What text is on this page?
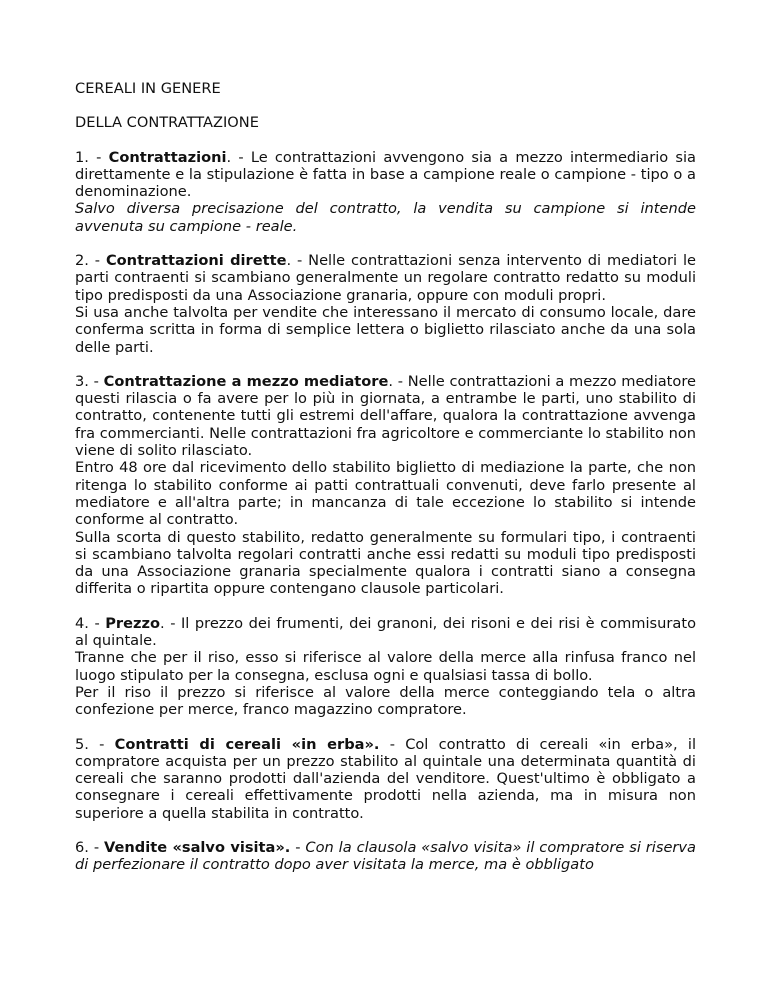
CEREALI IN GENERE

DELLA CONTRATTAZIONE

1. - Contrattazioni. - Le contrattazioni avvengono sia a mezzo intermediario sia direttamente e la stipulazione è fatta in base a campione reale o campione - tipo o a denominazione.
Salvo diversa precisazione del contratto, la vendita su campione si intende avvenuta su campione - reale.
2. - Contrattazioni dirette. - Nelle contrattazioni senza intervento di mediatori le parti contraenti si scambiano generalmente un regolare contratto redatto su moduli tipo predisposti da una Associazione granaria, oppure con moduli propri.
Si usa anche talvolta per vendite che interessano il mercato di consumo locale, dare conferma scritta in forma di semplice lettera o biglietto rilasciato anche da una sola delle parti.
3. - Contrattazione a mezzo mediatore. - Nelle contrattazioni a mezzo mediatore questi rilascia o fa avere per lo più in giornata, a entrambe le parti, uno stabilito di contratto, contenente tutti gli estremi dell'affare, qualora la contrattazione avvenga fra commercianti. Nelle contrattazioni fra agricoltore e commerciante lo stabilito non viene di solito rilasciato.
Entro 48 ore dal ricevimento dello stabilito biglietto di mediazione la parte, che non ritenga lo stabilito conforme ai patti contrattuali convenuti, deve farlo presente al mediatore e all'altra parte; in mancanza di tale eccezione lo stabilito si intende conforme al contratto.
Sulla scorta di questo stabilito, redatto generalmente su formulari tipo, i contraenti si scambiano talvolta regolari contratti anche essi redatti su moduli tipo predisposti da una Associazione granaria specialmente qualora i contratti siano a consegna differita o ripartita oppure contengano clausole particolari.
4. - Prezzo. - Il prezzo dei frumenti, dei granoni, dei risoni e dei risi è commisurato al quintale.
Tranne che per il riso, esso si riferisce al valore della merce alla rinfusa franco nel luogo stipulato per la consegna, esclusa ogni e qualsiasi tassa di bollo.
Per il riso il prezzo si riferisce al valore della merce conteggiando tela o altra confezione per merce, franco magazzino compratore.
5. - Contratti di cereali «in erba». - Col contratto di cereali «in erba», il compratore acquista per un prezzo stabilito al quintale una determinata quantità di cereali che saranno prodotti dall'azienda del venditore. Quest'ultimo è obbligato a consegnare i cereali effettivamente prodotti nella azienda, ma in misura non superiore a quella stabilita in contratto.
6. - Vendite «salvo visita». - Con la clausola «salvo visita» il compratore si riserva di perfezionare il contratto dopo aver visitata la merce, ma è obbligato
